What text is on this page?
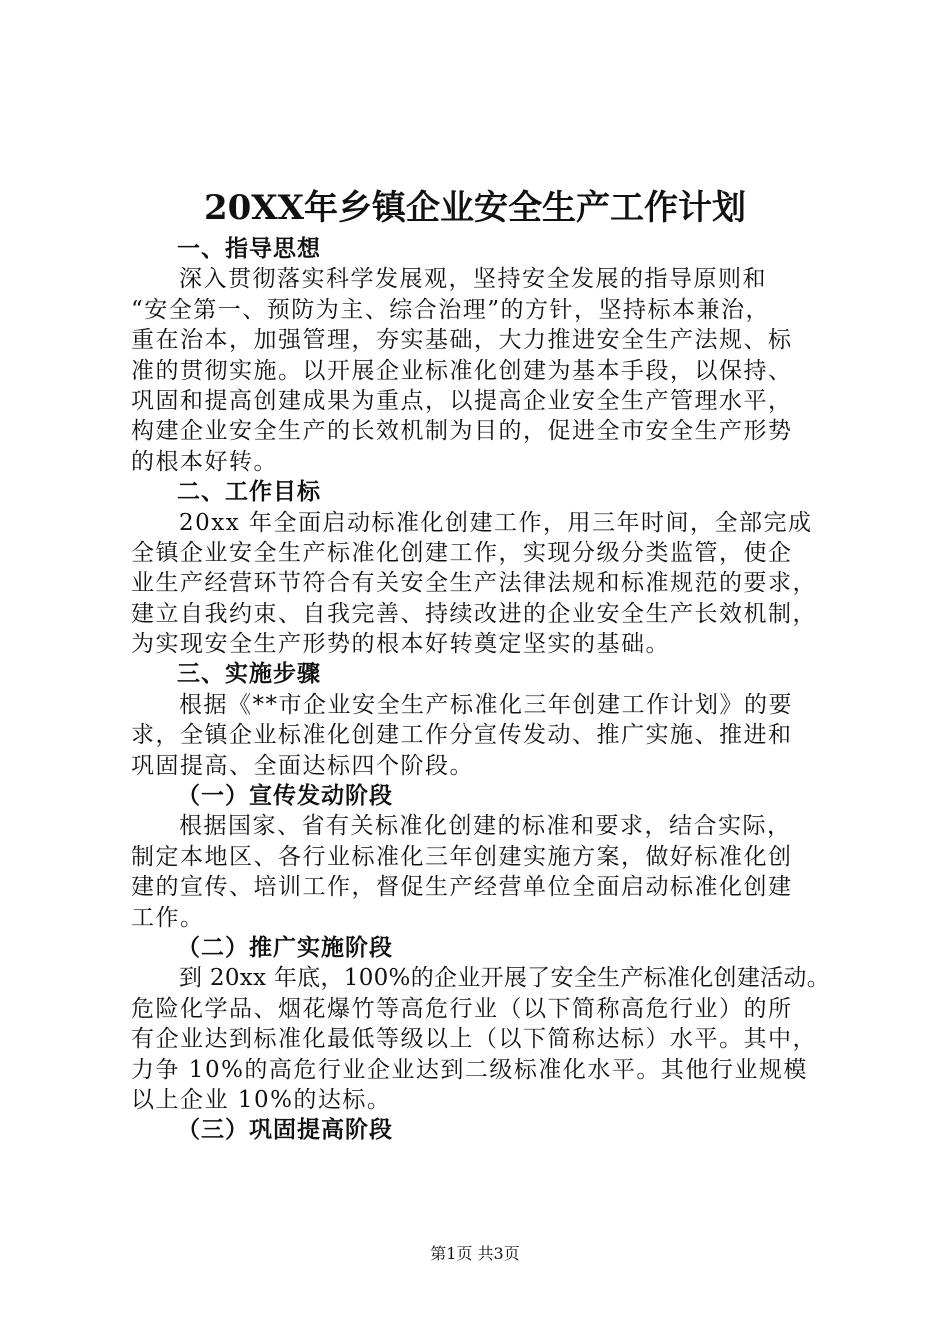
20XX年乡镇企业安全生产工作计划
一、指导思想
深入贯彻落实科学发展观，坚持安全发展的指导原则和
“安全第一、预防为主、综合治理”的方针，坚持标本兼治，
重在治本，加强管理，夯实基础，大力推进安全生产法规、标
准的贯彻实施。以开展企业标准化创建为基本手段，以保持、
巩固和提高创建成果为重点，以提高企业安全生产管理水平，
构建企业安全生产的长效机制为目的，促进全市安全生产形势
的根本好转。
二、工作目标
20xx 年全面启动标准化创建工作，用三年时间，全部完成
全镇企业安全生产标准化创建工作，实现分级分类监管，使企
业生产经营环节符合有关安全生产法律法规和标准规范的要求，
建立自我约束、自我完善、持续改进的企业安全生产长效机制，
为实现安全生产形势的根本好转奠定坚实的基础。
三、实施步骤
根据《**市企业安全生产标准化三年创建工作计划》的要
求，全镇企业标准化创建工作分宣传发动、推广实施、推进和
巩固提高、全面达标四个阶段。
（一）宣传发动阶段
根据国家、省有关标准化创建的标准和要求，结合实际，
制定本地区、各行业标准化三年创建实施方案，做好标准化创
建的宣传、培训工作，督促生产经营单位全面启动标准化创建
工作。
（二）推广实施阶段
到 20xx 年底，100%的企业开展了安全生产标准化创建活动。
危险化学品、烟花爆竹等高危行业（以下简称高危行业）的所
有企业达到标准化最低等级以上（以下简称达标）水平。其中，
力争 10%的高危行业企业达到二级标准化水平。其他行业规模
以上企业 10%的达标。
（三）巩固提高阶段
第1页 共3页
